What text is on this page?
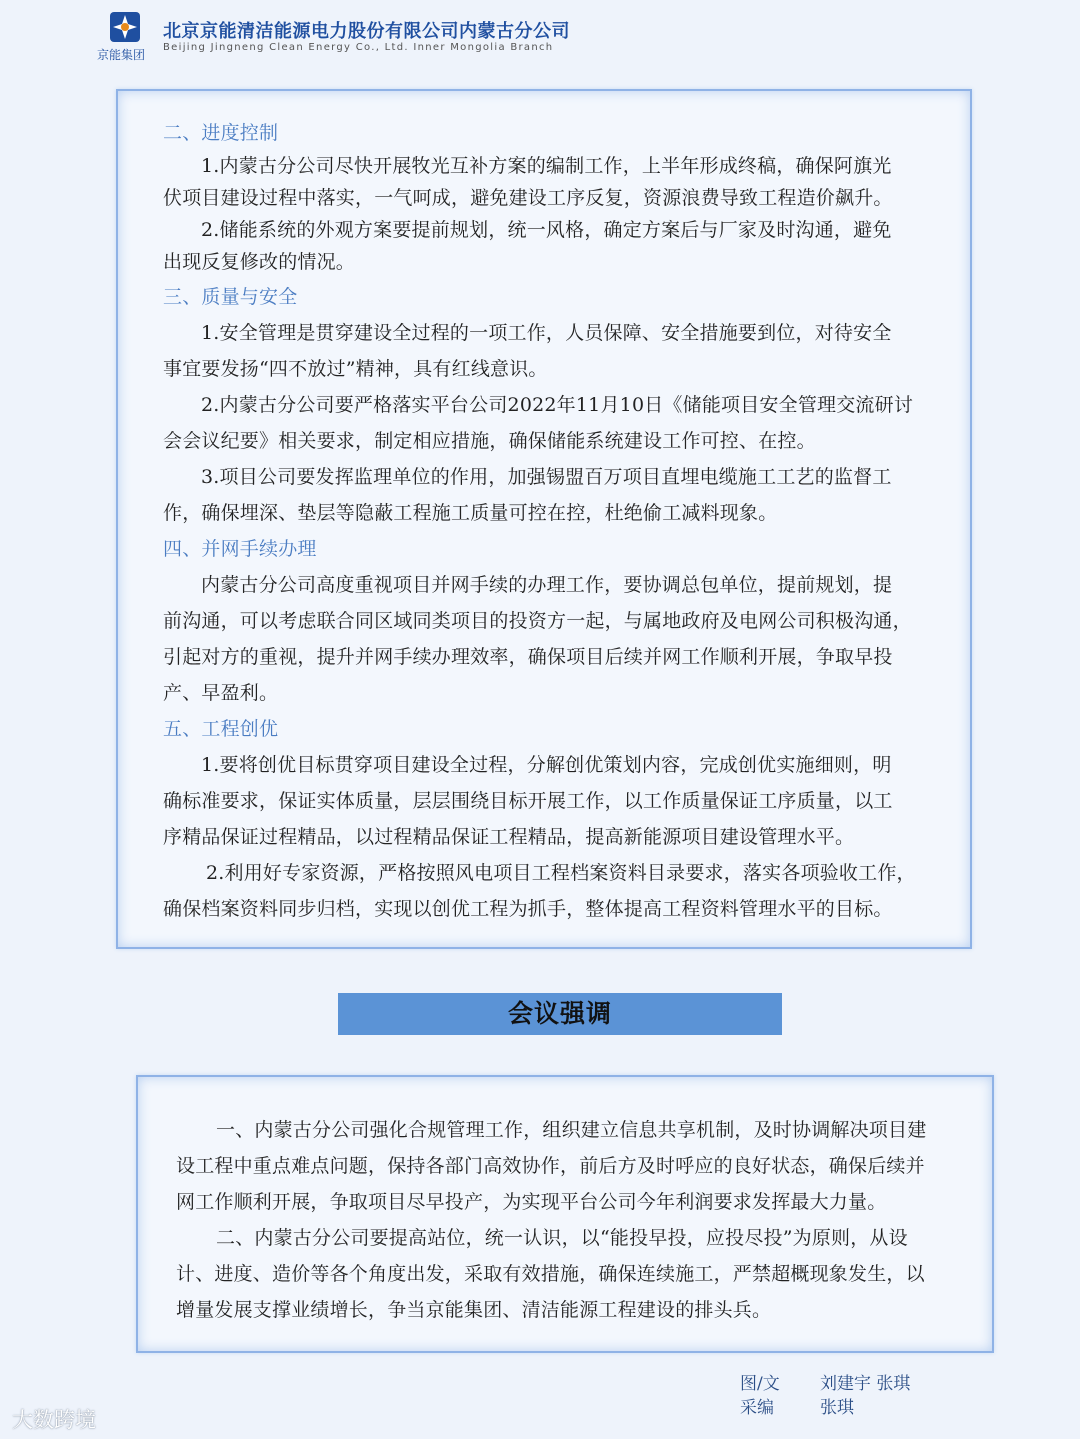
京能集团
北京京能清洁能源电力股份有限公司内蒙古分公司
Beijing Jingneng Clean Energy Co., Ltd. Inner Mongolia Branch
二、进度控制
1.内蒙古分公司尽快开展牧光互补方案的编制工作，上半年形成终稿，确保阿旗光
伏项目建设过程中落实，一气呵成，避免建设工序反复，资源浪费导致工程造价飙升。
2.储能系统的外观方案要提前规划，统一风格，确定方案后与厂家及时沟通，避免
出现反复修改的情况。
三、质量与安全
1.安全管理是贯穿建设全过程的一项工作，人员保障、安全措施要到位，对待安全
事宜要发扬“四不放过”精神，具有红线意识。
2.内蒙古分公司要严格落实平台公司2022年11月10日《储能项目安全管理交流研讨
会会议纪要》相关要求，制定相应措施，确保储能系统建设工作可控、在控。
3.项目公司要发挥监理单位的作用，加强锡盟百万项目直埋电缆施工工艺的监督工
作，确保埋深、垫层等隐蔽工程施工质量可控在控，杜绝偷工减料现象。
四、并网手续办理
内蒙古分公司高度重视项目并网手续的办理工作，要协调总包单位，提前规划，提
前沟通，可以考虑联合同区域同类项目的投资方一起，与属地政府及电网公司积极沟通，
引起对方的重视，提升并网手续办理效率，确保项目后续并网工作顺利开展，争取早投
产、早盈利。
五、工程创优
1.要将创优目标贯穿项目建设全过程，分解创优策划内容，完成创优实施细则，明
确标准要求，保证实体质量，层层围绕目标开展工作，以工作质量保证工序质量，以工
序精品保证过程精品，以过程精品保证工程精品，提高新能源项目建设管理水平。
2.利用好专家资源，严格按照风电项目工程档案资料目录要求，落实各项验收工作，
确保档案资料同步归档，实现以创优工程为抓手，整体提高工程资料管理水平的目标。
会议强调
一、内蒙古分公司强化合规管理工作，组织建立信息共享机制，及时协调解决项目建
设工程中重点难点问题，保持各部门高效协作，前后方及时呼应的良好状态，确保后续并
网工作顺利开展，争取项目尽早投产，为实现平台公司今年利润要求发挥最大力量。
二、内蒙古分公司要提高站位，统一认识，以“能投早投，应投尽投”为原则，从设
计、进度、造价等各个角度出发，采取有效措施，确保连续施工，严禁超概现象发生，以
增量发展支撑业绩增长，争当京能集团、清洁能源工程建设的排头兵。
图/文 刘建宇 张琪
采编	张琪
大数跨境
